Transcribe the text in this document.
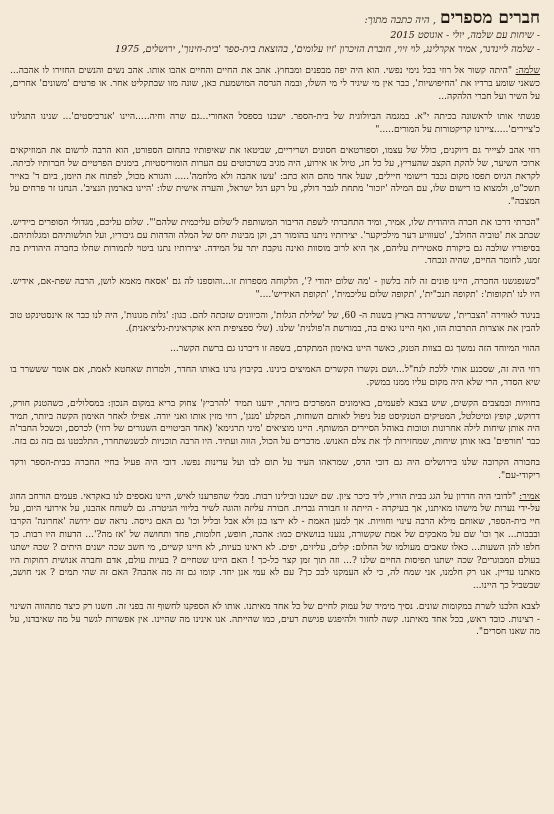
חברים מספרים, היה כתבה מתוך:
- שיחות עם שלמה, יולי - אוגוסט 2015
- שלמה ליינדנר, אמיר אקרלינג, לוי זיוי, חוברת הזיכרון 'זיו עלומים', בהוצאת בית-ספר 'בית-חינוך', ירושלים, 1975

שלמה: "היתה קשור אל רוזי בכל נימי נפשי. הוא היה יפה מבפנים ומבחוץ. אהב את החיים והחיים אהבו אותו. אהב נשים והנשים החזירו לו אהבה... כשאני שומע ברדיו את 'החיפושיות', כבר אין מי שיגיד לי מי השלו, ובמה הגרסה המושמעת כאן, שונה מזו שבתקליט אחר. או פרטים 'משונים' אחרים, על השיר ועל חברי הלהקה...

פגשתי אותו לראשונה בכיתה י"א. במגמה הביולוגית של בית-הספר. ישבנו בספסל האחורי...גם שרה וחיה.....היינו 'אנרכיסטים'... שנינו התגלינו כ'ציירים'.....ציירנו קריקטורות על המורים....."

רוזי אהב לציייר גם דיוקנים, כולל של עצמו, וספורטאים חסונים ושריריים, שביטאו את שאיפותיו בתחום הספורט, הוא הרבה לרשום את המוזיקאים ארוכי השיער, של להקת הקצב שהעריץ, על כל חג, טיול או אירוע, היה מגיב בשרבוטים עם הערות הומוריסטיות, בימנים הפרטיים של חברותיו לכיתה. לקראת הגיוס תפסו מקום נכבד רישומי חיילים, שעל אחד מהם הוא כתב: 'עשו אהבה ולא מלחמה'..... והגורא מכול, לפתוח את היומן, ביום ד' באייר תשכ"ט, ולמצוא בו רישום שלו, עם המילה 'יזכור' מתחת לגבר דולק, על רקע דגל ישראל, והערה אישית שלו: 'היינו בארמון הנציב'. הנחנו זר פרחים על המצבה".

"הכרתי דרכו את חברה היהודית שלו, אמיר, ומיד התחברתי לשפת הדיבור המשותפת ל'שלום עליכמית שלהם'". שלום עליכם, מגדולי הסופרים ביידיש. שכתב את 'טוביה החולב', 'טעווויע דער מילכיקער'. יצירותיו ניתנו בהומור רב, וקן מבינות יחס של המלה והדהות עם גיבוריו, ועל תולשותיהם ומגלותיהם. בסיפוריו שולבה גם ביקורת סאטירית עליהם, אך היא לרוב מוסוות ואינה נוקבת יתר על המידה. יצירותיו נתנו ביטוי לתמורות שחלו בחברה היהודית בת זמנו, לחומר החיים, שהיה ונכחד.

"כשנפגשנו החברה, היינו פונים זה לזה בלשון - 'מה שלום יהודי ?', הלקוחה מספרות זו...והוספנו לה גם 'אסאח מאמא לושן, הרבה שפת-אם, אידיש. היו לנו 'תקופות': 'תקופה תנכ"ית', 'תקופה שלום עליכמית', 'תקופת האידיש'...."

בניגוד לאווירה 'הצברית', שששררה בארץ בשנות ה- 60, של 'שלילת הגלות', והכיוונים שזכתה להם. כגון: 'גלות מגונות', היה לנו כבר אז אינסטינקט טוב להבין את אוצרות התרבות הזו, ואף היינו גאים בה, במורשת ה'פולנית' שלנו. (שלי ספציפית היא אוקראינית-גליציאנית).

ההווי המיוחד הזה נמשך גם בצוות הטנק, כאשר היינו באימון המתקדם, בשפה זו דיברנו גם ברשת הקשר...

רוזי היה זה, שסכנע אותי ללכת לנח"ל...ושם נקשרו הקשרים האמיצים בינינו. בקיבוץ גרנו באותו החדר, ולמרות שאחטא לאמת, אם אומר שששרר בו שיא הסדר, הרי שלא היה מקום עליו ממנו במשק.

בחוויות ובמצבים הקשים, שיש בצבא לפעמים, באימונים המפרכים ביותר, ידענו תמיד 'להרביץ' צחוק בריא במקום הנכון: במסלולים, כשהטנק חורק, דרוקש, קופץ ומיטלטל, המטיקים הטנקיסט פנל ניפול לאותם השוחות, המקלע 'מנגן', רוזי מזין אותו ואני יורה. אפילו לאחר האימון הקשה ביותר, תמיד היה אותן שיחות לילה אחרונות וטובות באוהל הסיירים המשותף. היינו מוציאים 'מיני תרגימא' (אחד הביטויים השגורים של רוזי) לכרסם, וכשכל החבר'ה כבר 'חורפים' באו אותן שיחות, שמחזירות לך את צלם האנוש. מדברים על הכול, הווה ועתיד. היו הרבה תוכניות לכשנשתחרר, התלבטנו גם בזה גם בזה.

בחבורה הקרובה שלנו בירושלים היה גם דובי הדס, שמראהו העיד על תום לבו ועל עדינות נפשו. דובי היה פעיל בחיי החברה בבית-הספר ורקד ריקודי-עם".

אמיר: "לדובי היה חדרון על הגג בבית הוריו, ליד כיכר ציון. שם ישבנו ובילינו רבות. מבלי שהפרענו לאיש, היינו נאספים לנו באקראי. פעמים הורחב החוג על-ידי נערות של מישהו מאיתנו, אך בעיקרה - הייתה זו חבורה גברית. חבורה עליזה והוגה לשיר בליווי הגיטרה. גם לשוחח אהבנו, על אירועי היום, על חיי בית-הספר, שאותם מילא הרבה עינוי וחוויות. אך למען האמת - לא ירצו בגן ולא אבל ובליל וכו' גם האם גייסה. נראה שם ירושה 'אחרונה' הקרבו ובבבות... אך וכו' שם על מאבקים של אמת שקשורה, נגענו בנושאים כמו: אהבה, חופש, חלומות, פחד ותחושה של 'אז מה?'... הדעות היו רבות. כך חלפו להן השעות... כאלו שאבים מעולמו של החלום: קלים, עליזים, יפים. לא ראינו בעיות, לא חיינו קשיים, מי חשב שכה ישנים היתים ? שכה ישתנו בעולם המבוגרים? שכה ישתנו תפיסות החיים שלנו ?... וזה תוך זמן קצר כל-כך ! האם היינו שטחיים ? בעיות עולם, אדם וחברה אנושית רחוקות היו מאתנו עדיין. אנו רק חלמנו, אני שמח לה, כי לא העמקנו לבכ כך? עם לא עמי אנן יחד. קומו גם זה מה אהבה? האם זה שהי תמים ? אני חושב, שבשביל כך היינו...

לצבא הלכנו לשרת במקומות שונים. נסיך מימיד של עמוק לחיים של כל אחד מאיתנו. אותו לא הספקנו לחשוף זה בפני זה. חשנו רק כיצד מתהווה השינוי - רצינות. כובד ראש, בכל אחד מאיתנו. קשה לחזור ולהיפגש פגישת רעים, כמו שהייתה. אנו אינינו מה שהיינו. אין אפשרות לגשר על מה שאיבדנו, על מה שאנו חסרים".
